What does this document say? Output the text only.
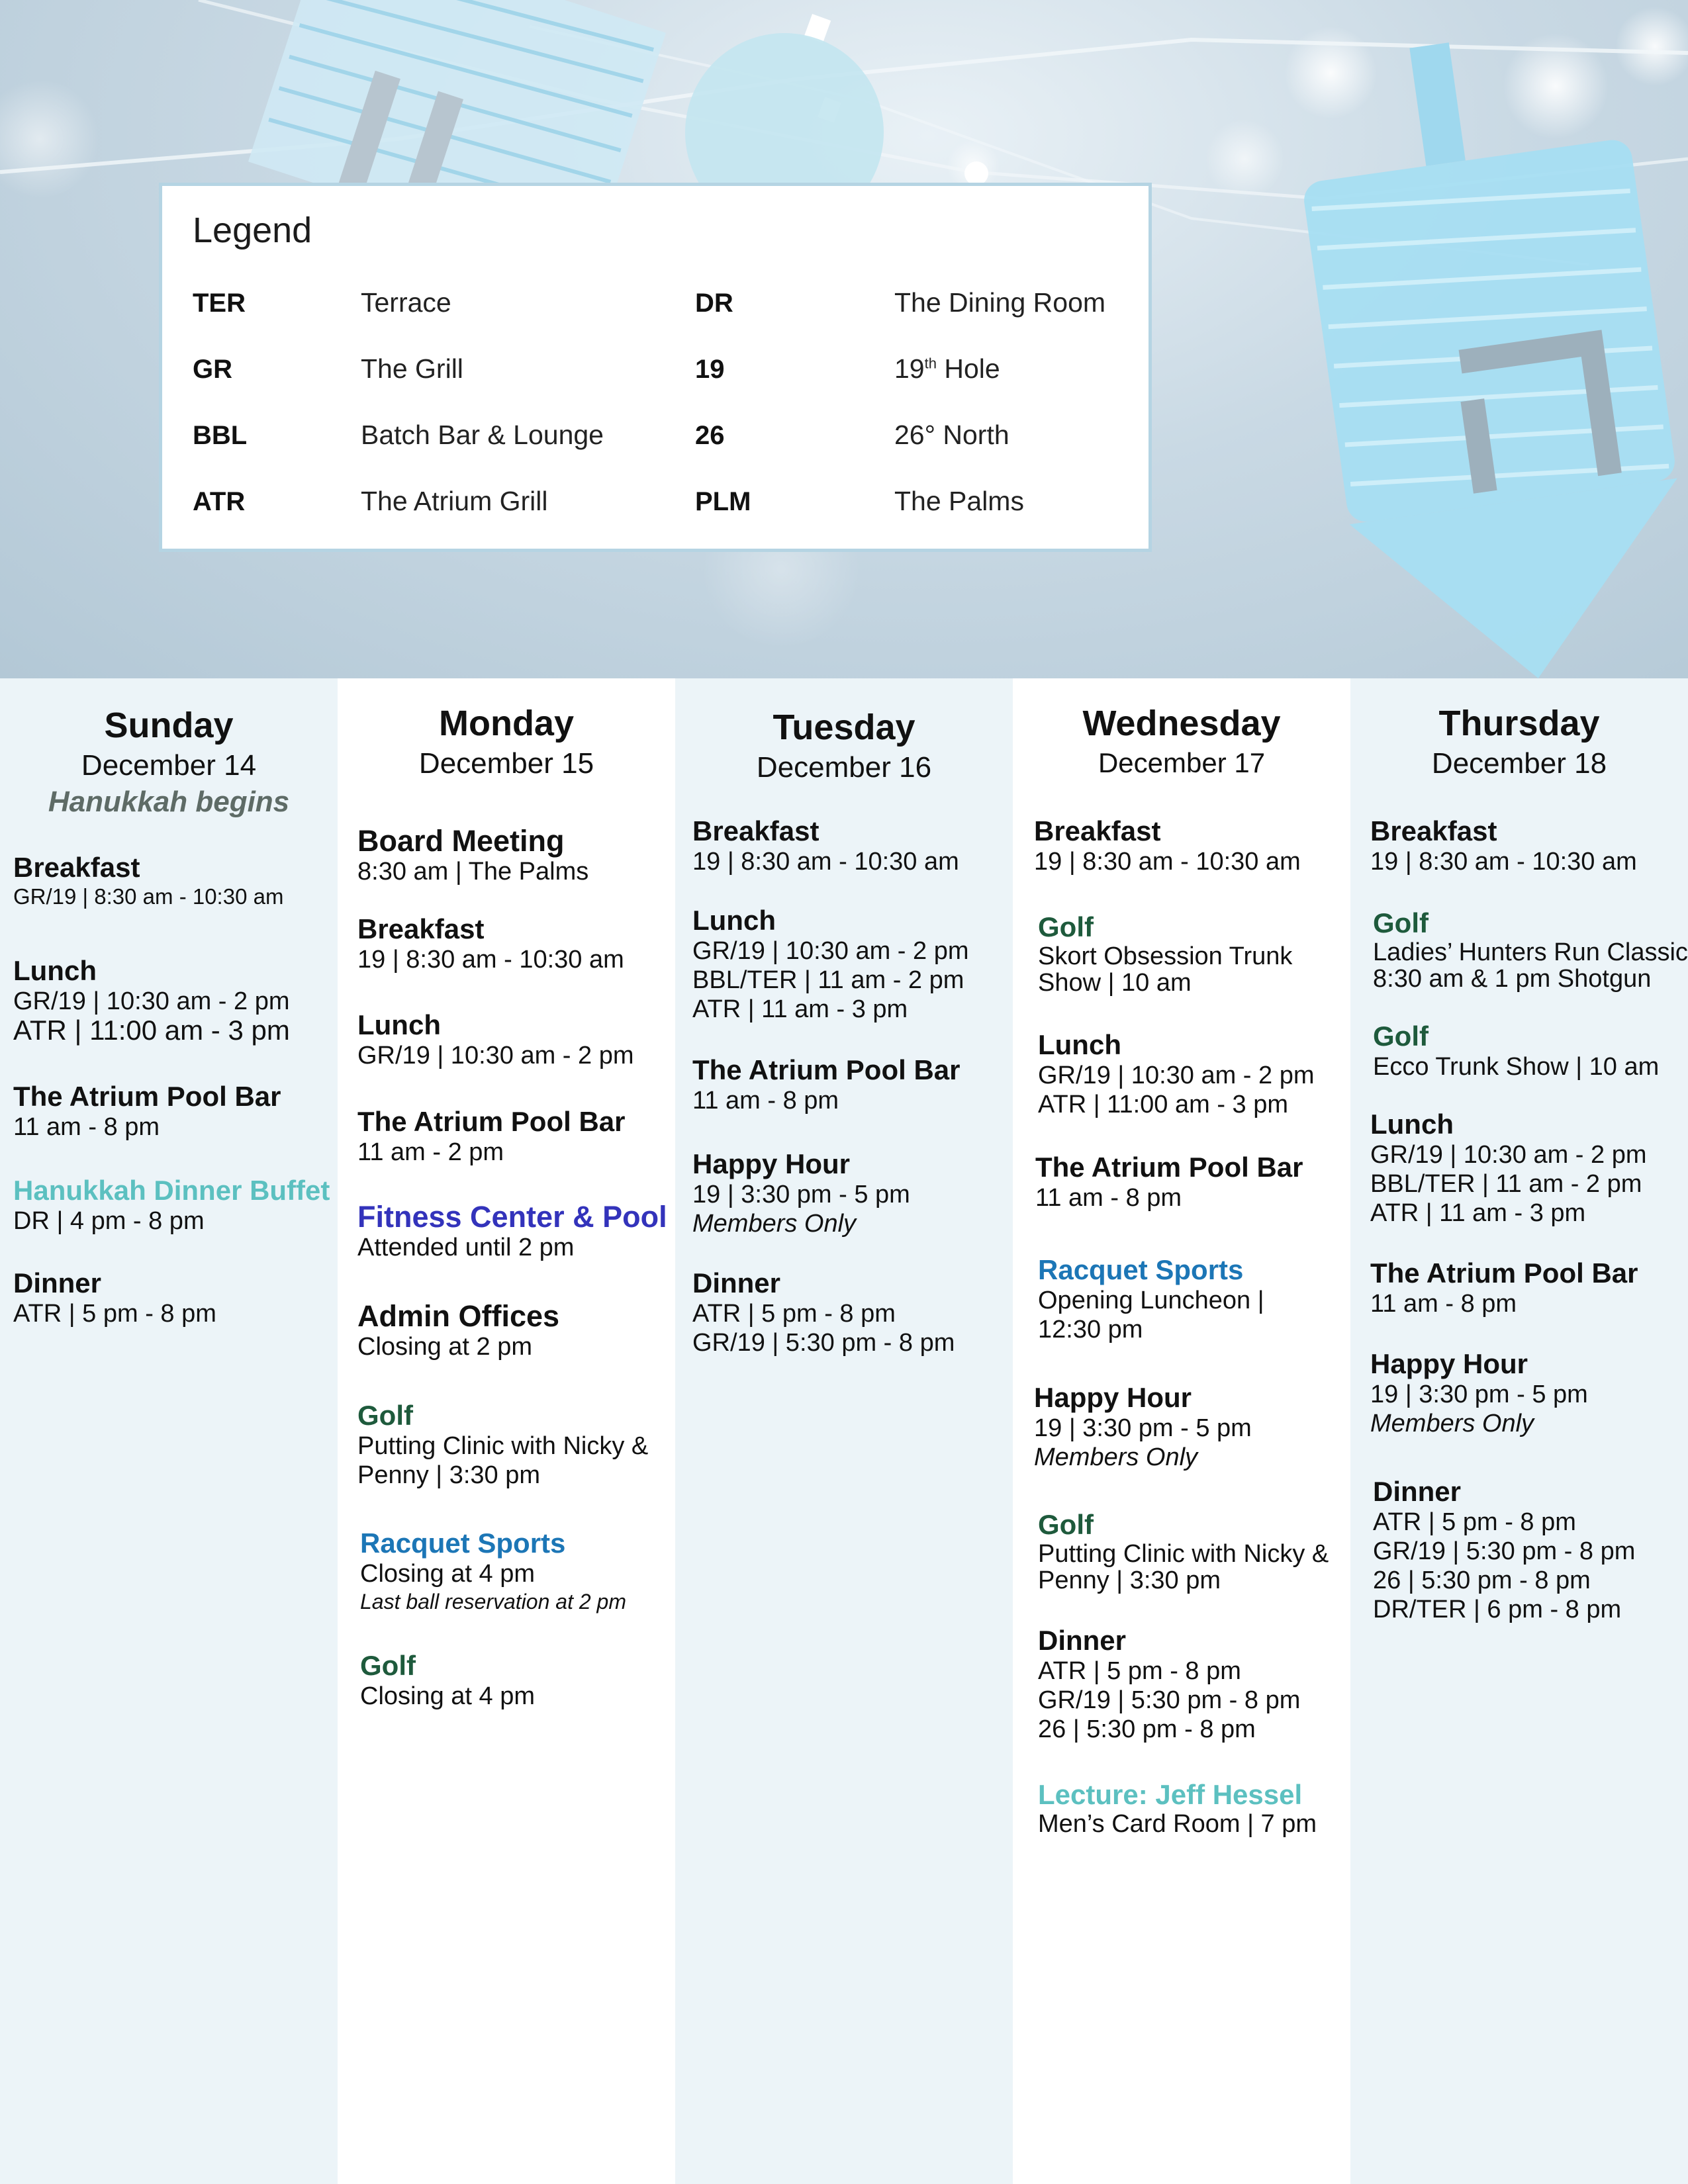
Legend
TER	Terrace
GR	The Grill
BBL	Batch Bar & Lounge
ATR	The Atrium Grill
DR	The Dining Room
19	19th Hole
26	26° North
PLM	The Palms
Sunday
December 14
Hanukkah begins
Breakfast
GR/19 | 8:30 am - 10:30 am
Lunch
GR/19 | 10:30 am - 2 pm
ATR | 11:00 am - 3 pm
The Atrium Pool Bar
11 am - 8 pm
Hanukkah Dinner Buffet
DR | 4 pm - 8 pm
Dinner
ATR | 5 pm - 8 pm
Monday
December 15
Board Meeting
8:30 am | The Palms
Breakfast
19 | 8:30 am - 10:30 am
Lunch
GR/19 | 10:30 am - 2 pm
The Atrium Pool Bar
11 am - 2 pm
Fitness Center & Pool
Attended until 2 pm
Admin Offices
Closing at 2 pm
Golf
Putting Clinic with Nicky &
Penny | 3:30 pm
Racquet Sports
Closing at 4 pm
Last ball reservation at 2 pm
Golf
Closing at 4 pm
Tuesday
December 16
Breakfast
19 | 8:30 am - 10:30 am
Lunch
GR/19 | 10:30 am - 2 pm
BBL/TER | 11 am - 2 pm
ATR | 11 am - 3 pm
The Atrium Pool Bar
11 am - 8 pm
Happy Hour
19 | 3:30 pm - 5 pm
Members Only
Dinner
ATR | 5 pm - 8 pm
GR/19 | 5:30 pm - 8 pm
Wednesday
December 17
Breakfast
19 | 8:30 am - 10:30 am
Golf
Skort Obsession Trunk
Show | 10 am
Lunch
GR/19 | 10:30 am - 2 pm
ATR | 11:00 am - 3 pm
The Atrium Pool Bar
11 am - 8 pm
Racquet Sports
Opening Luncheon |
12:30 pm
Happy Hour
19 | 3:30 pm - 5 pm
Members Only
Golf
Putting Clinic with Nicky &
Penny | 3:30 pm
Dinner
ATR | 5 pm - 8 pm
GR/19 | 5:30 pm - 8 pm
26 | 5:30 pm - 8 pm
Lecture: Jeff Hessel
Men’s Card Room | 7 pm
Thursday
December 18
Breakfast
19 | 8:30 am - 10:30 am
Golf
Ladies’ Hunters Run Classic
8:30 am & 1 pm Shotgun
Golf
Ecco Trunk Show | 10 am
Lunch
GR/19 | 10:30 am - 2 pm
BBL/TER | 11 am - 2 pm
ATR | 11 am - 3 pm
The Atrium Pool Bar
11 am - 8 pm
Happy Hour
19 | 3:30 pm - 5 pm
Members Only
Dinner
ATR | 5 pm - 8 pm
GR/19 | 5:30 pm - 8 pm
26 | 5:30 pm - 8 pm
DR/TER | 6 pm - 8 pm
